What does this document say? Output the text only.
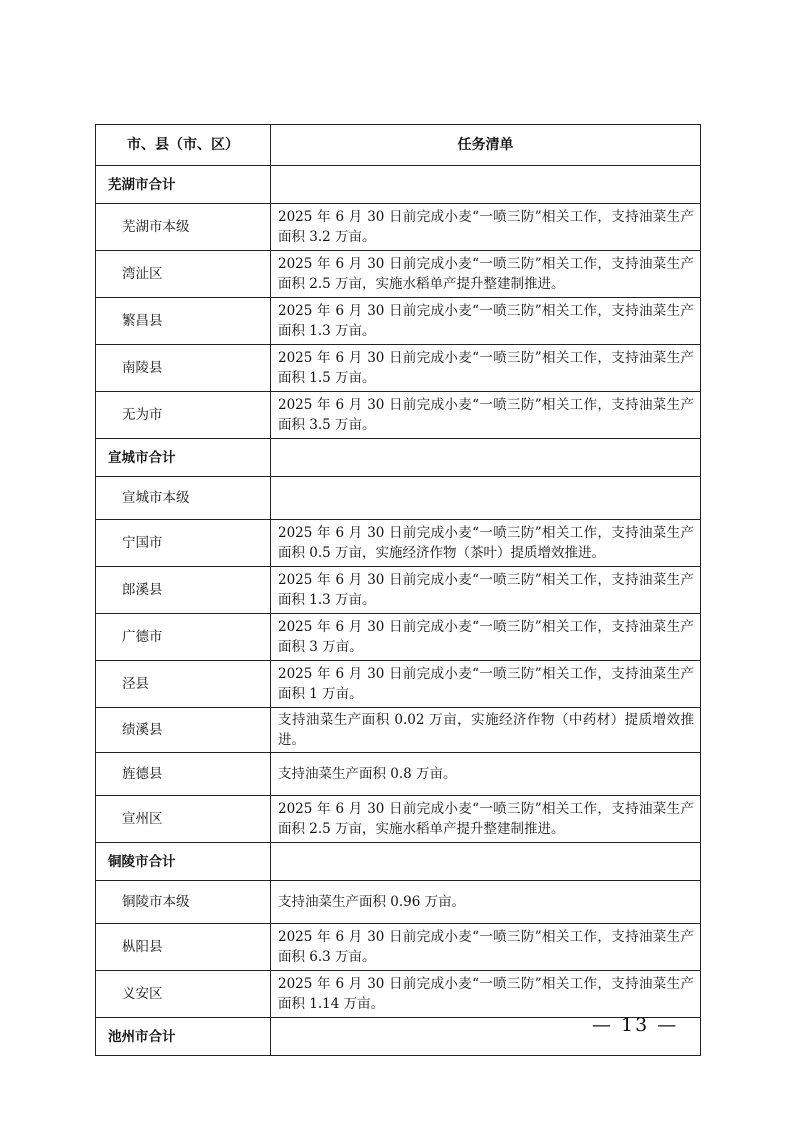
市、县（市、区）	任务清单
芜湖市合计	
芜湖市本级	2025 年 6 月 30 日前完成小麦“一喷三防”相关工作，支持油菜生产面积 3.2 万亩。
湾沚区	2025 年 6 月 30 日前完成小麦“一喷三防”相关工作，支持油菜生产面积 2.5 万亩，实施水稻单产提升整建制推进。
繁昌县	2025 年 6 月 30 日前完成小麦“一喷三防”相关工作，支持油菜生产面积 1.3 万亩。
南陵县	2025 年 6 月 30 日前完成小麦“一喷三防”相关工作，支持油菜生产面积 1.5 万亩。
无为市	2025 年 6 月 30 日前完成小麦“一喷三防”相关工作，支持油菜生产面积 3.5 万亩。
宣城市合计	
宣城市本级	
宁国市	2025 年 6 月 30 日前完成小麦“一喷三防”相关工作，支持油菜生产面积 0.5 万亩，实施经济作物（茶叶）提质增效推进。
郎溪县	2025 年 6 月 30 日前完成小麦“一喷三防”相关工作，支持油菜生产面积 1.3 万亩。
广德市	2025 年 6 月 30 日前完成小麦“一喷三防”相关工作，支持油菜生产面积 3 万亩。
泾县	2025 年 6 月 30 日前完成小麦“一喷三防”相关工作，支持油菜生产面积 1 万亩。
绩溪县	支持油菜生产面积 0.02 万亩，实施经济作物（中药材）提质增效推进。
旌德县	支持油菜生产面积 0.8 万亩。
宣州区	2025 年 6 月 30 日前完成小麦“一喷三防”相关工作，支持油菜生产面积 2.5 万亩，实施水稻单产提升整建制推进。
铜陵市合计	
铜陵市本级	支持油菜生产面积 0.96 万亩。
枞阳县	2025 年 6 月 30 日前完成小麦“一喷三防”相关工作，支持油菜生产面积 6.3 万亩。
义安区	2025 年 6 月 30 日前完成小麦“一喷三防”相关工作，支持油菜生产面积 1.14 万亩。
池州市合计	
— 13 —
